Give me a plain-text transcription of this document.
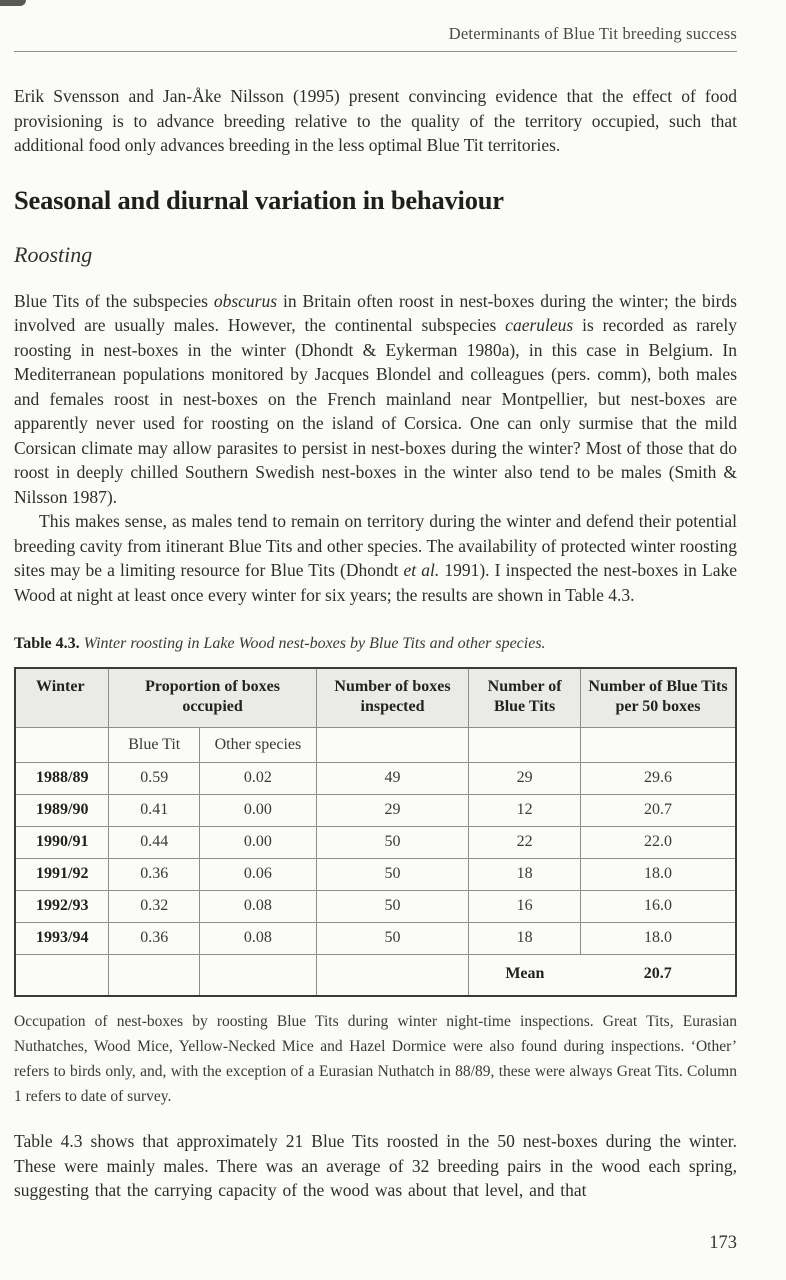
Determinants of Blue Tit breeding success

Erik Svensson and Jan-Åke Nilsson (1995) present convincing evidence that the effect of food provisioning is to advance breeding relative to the quality of the territory occupied, such that additional food only advances breeding in the less optimal Blue Tit territories.

Seasonal and diurnal variation in behaviour
Roosting

Blue Tits of the subspecies obscurus in Britain often roost in nest-boxes during the winter; the birds involved are usually males. However, the continental subspecies caeruleus is recorded as rarely roosting in nest-boxes in the winter (Dhondt & Eykerman 1980a), in this case in Belgium. In Mediterranean populations monitored by Jacques Blondel and colleagues (pers. comm), both males and females roost in nest-boxes on the French mainland near Montpellier, but nest-boxes are apparently never used for roosting on the island of Corsica. One can only surmise that the mild Corsican climate may allow parasites to persist in nest-boxes during the winter? Most of those that do roost in deeply chilled Southern Swedish nest-boxes in the winter also tend to be males (Smith & Nilsson 1987).

This makes sense, as males tend to remain on territory during the winter and defend their potential breeding cavity from itinerant Blue Tits and other species. The availability of protected winter roosting sites may be a limiting resource for Blue Tits (Dhondt et al. 1991). I inspected the nest-boxes in Lake Wood at night at least once every winter for six years; the results are shown in Table 4.3.

Table 4.3. Winter roosting in Lake Wood nest-boxes by Blue Tits and other species.
Winter	Proportion of boxes occupied		Number of boxes inspected	Number of Blue Tits	Number of Blue Tits per 50 boxes
	Blue Tit	Other species			
1988/89	0.59	0.02	49	29	29.6
1989/90	0.41	0.00	29	12	20.7
1990/91	0.44	0.00	50	22	22.0
1991/92	0.36	0.06	50	18	18.0
1992/93	0.32	0.08	50	16	16.0
1993/94	0.36	0.08	50	18	18.0
				Mean	20.7

Occupation of nest-boxes by roosting Blue Tits during winter night-time inspections. Great Tits, Eurasian Nuthatches, Wood Mice, Yellow-Necked Mice and Hazel Dormice were also found during inspections. ‘Other’ refers to birds only, and, with the exception of a Eurasian Nuthatch in 88/89, these were always Great Tits. Column 1 refers to date of survey.

Table 4.3 shows that approximately 21 Blue Tits roosted in the 50 nest-boxes during the winter. These were mainly males. There was an average of 32 breeding pairs in the wood each spring, suggesting that the carrying capacity of the wood was about that level, and that

173
